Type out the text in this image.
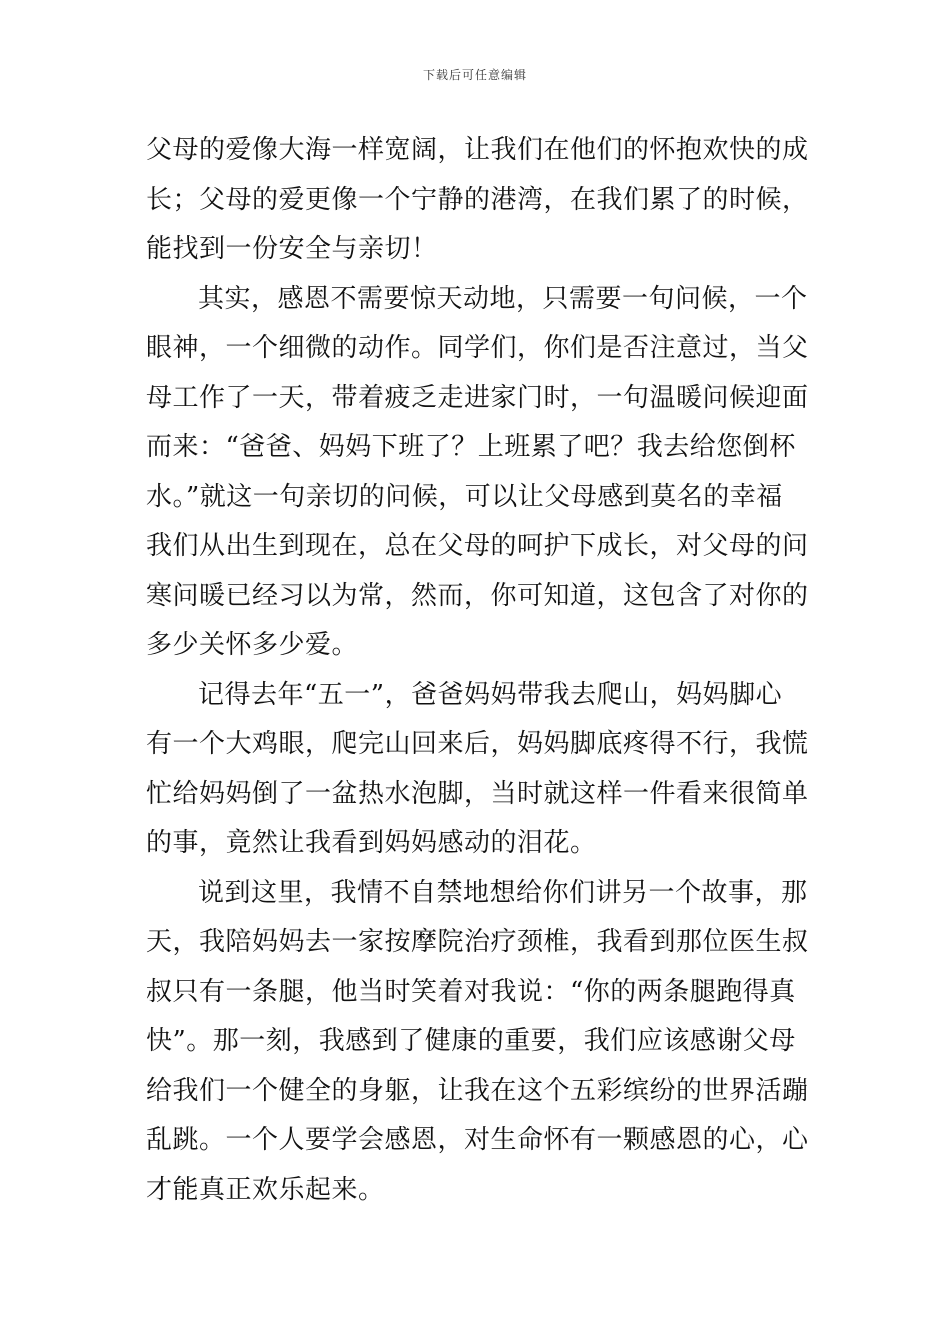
下载后可任意编辑
父母的爱像大海一样宽阔，让我们在他们的怀抱欢快的成
长；父母的爱更像一个宁静的港湾，在我们累了的时候，
能找到一份安全与亲切！
其实，感恩不需要惊天动地，只需要一句问候，一个
眼神，一个细微的动作。同学们，你们是否注意过，当父
母工作了一天，带着疲乏走进家门时，一句温暖问候迎面
而来：“爸爸、妈妈下班了？上班累了吧？我去给您倒杯
水。”就这一句亲切的问候，可以让父母感到莫名的幸福
我们从出生到现在，总在父母的呵护下成长，对父母的问
寒问暖已经习以为常，然而，你可知道，这包含了对你的
多少关怀多少爱。
记得去年“五一”，爸爸妈妈带我去爬山，妈妈脚心
有一个大鸡眼，爬完山回来后，妈妈脚底疼得不行，我慌
忙给妈妈倒了一盆热水泡脚，当时就这样一件看来很简单
的事，竟然让我看到妈妈感动的泪花。
说到这里，我情不自禁地想给你们讲另一个故事，那
天，我陪妈妈去一家按摩院治疗颈椎，我看到那位医生叔
叔只有一条腿，他当时笑着对我说：“你的两条腿跑得真
快”。那一刻，我感到了健康的重要，我们应该感谢父母
给我们一个健全的身躯，让我在这个五彩缤纷的世界活蹦
乱跳。一个人要学会感恩，对生命怀有一颗感恩的心，心
才能真正欢乐起来。
